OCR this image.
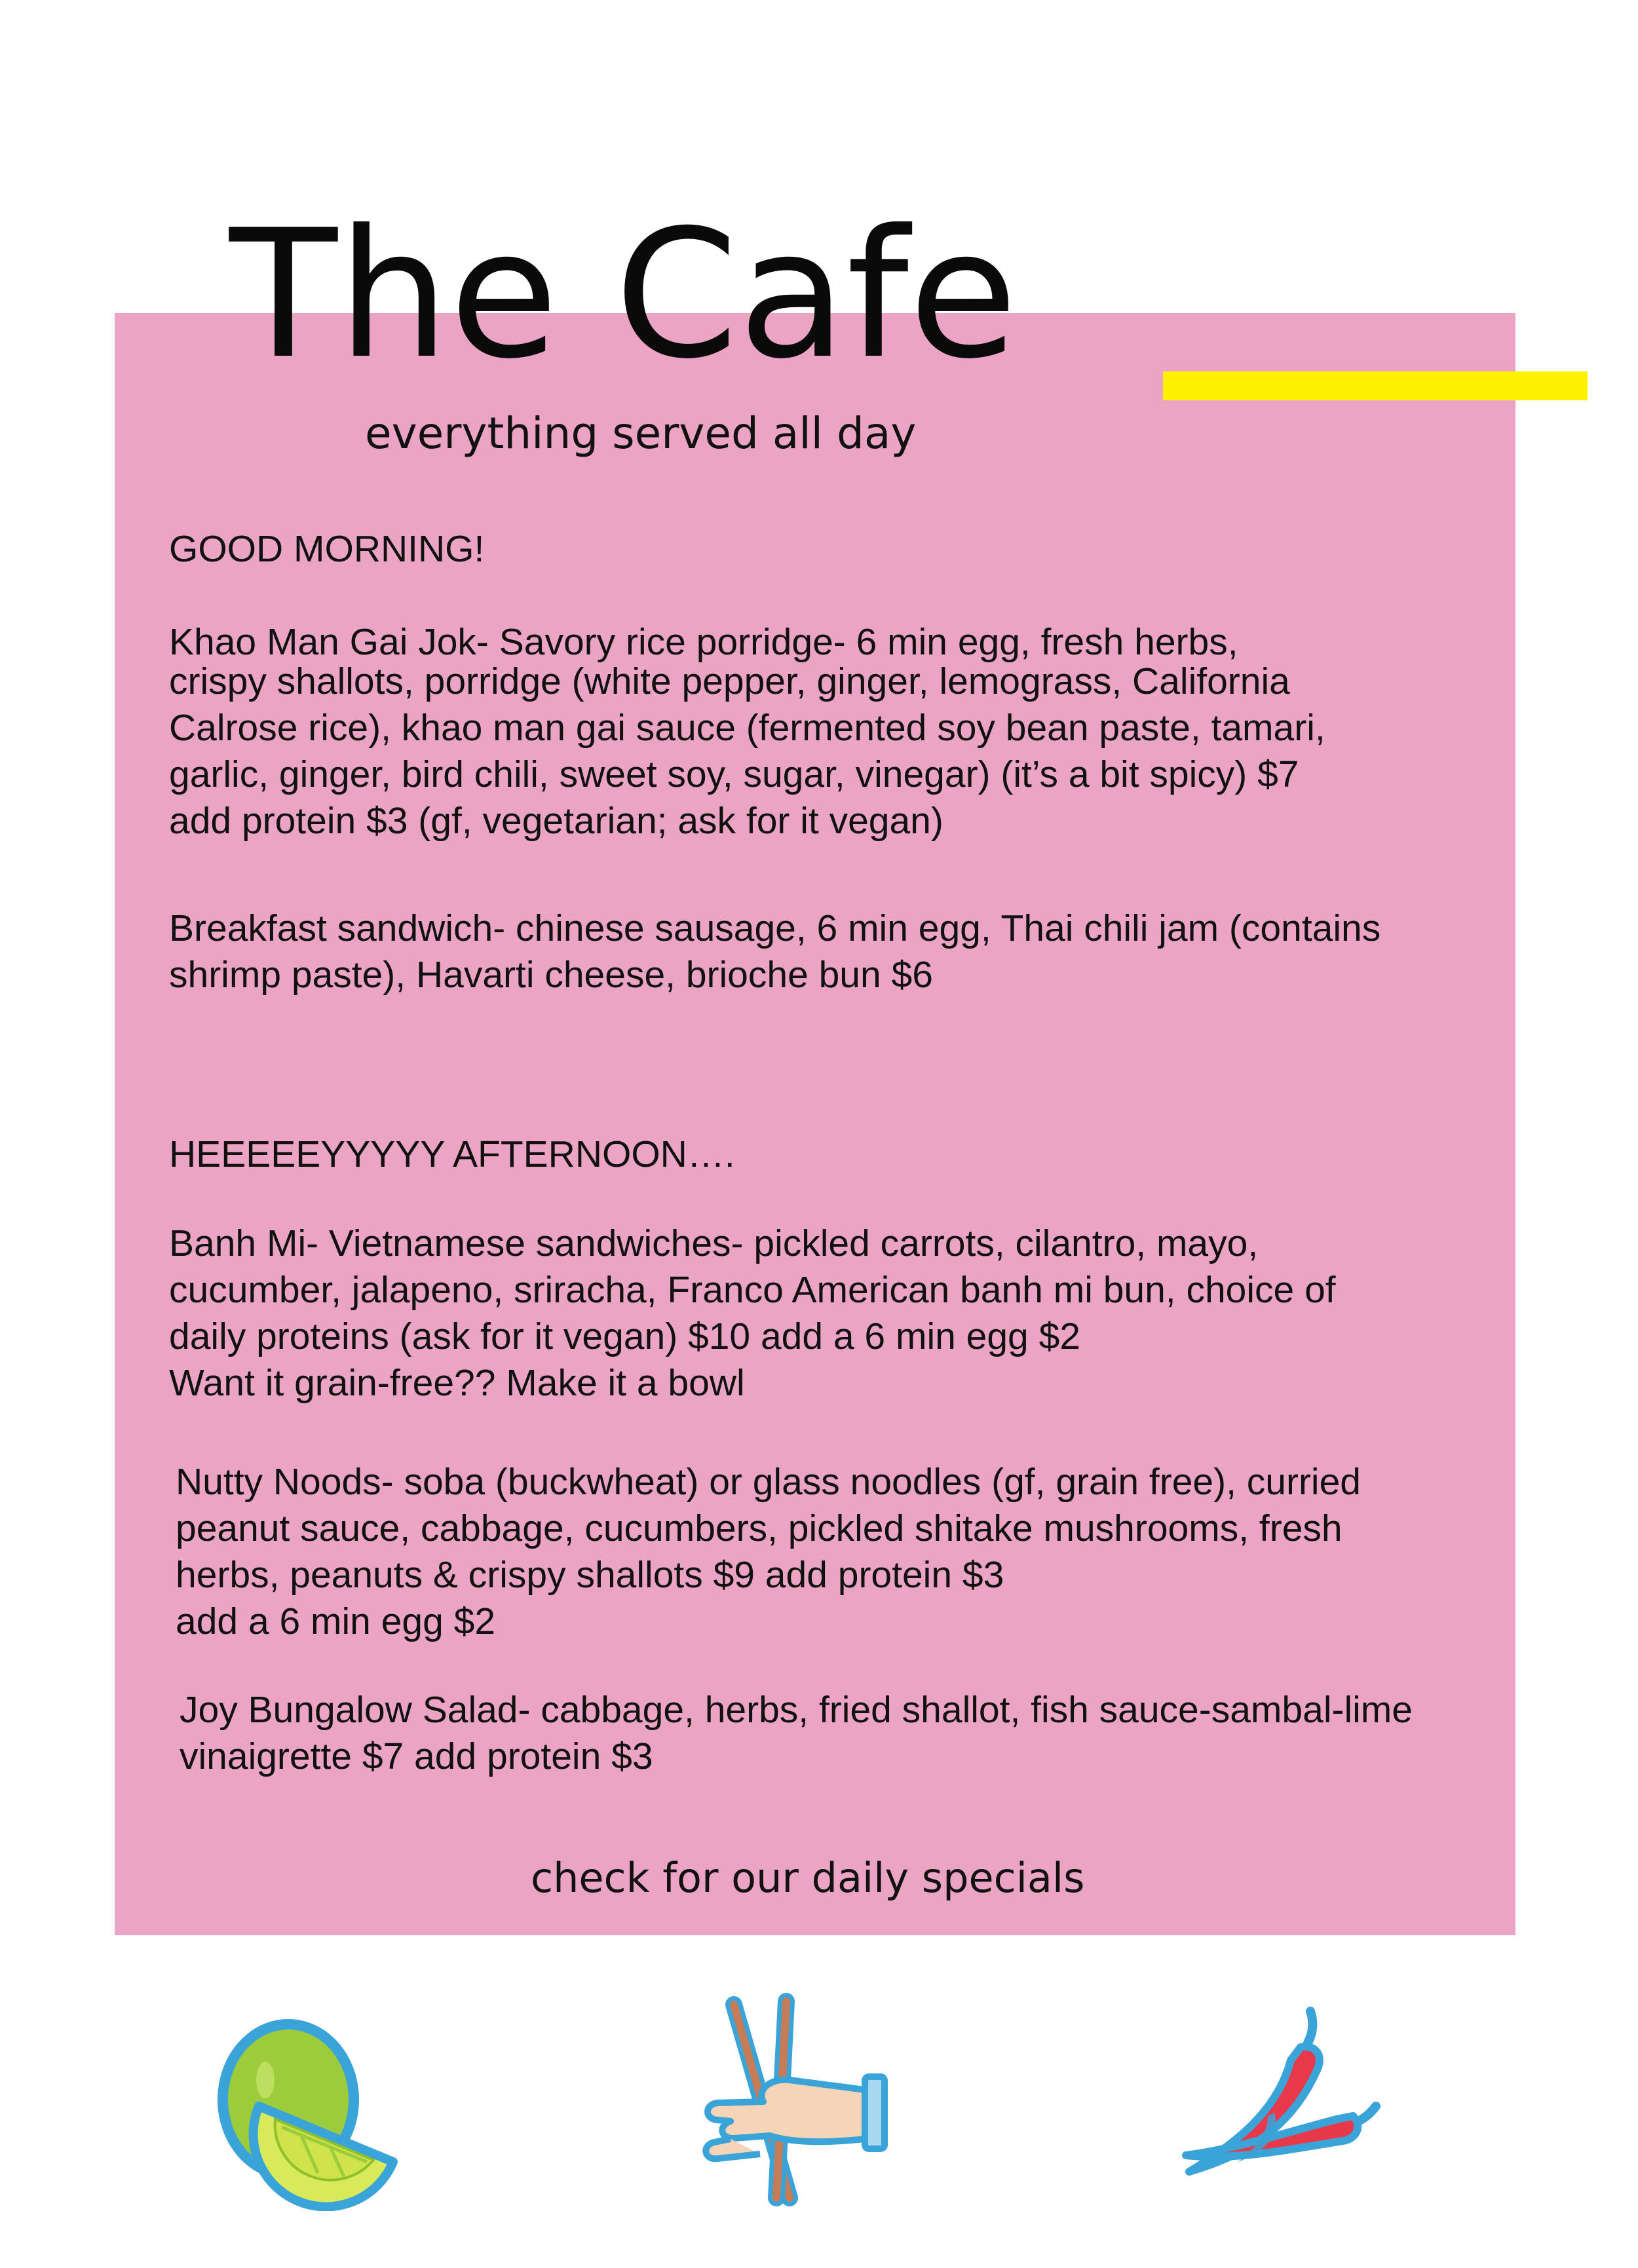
The Cafe
everything served all day
GOOD MORNING!
Khao Man Gai Jok- Savory rice porridge- 6 min egg, fresh herbs,
crispy shallots, porridge (white pepper, ginger, lemograss, California
Calrose rice), khao man gai sauce (fermented soy bean paste, tamari,
garlic, ginger, bird chili, sweet soy, sugar, vinegar) (it’s a bit spicy) $7
add protein $3 (gf, vegetarian; ask for it vegan)
Breakfast sandwich- chinese sausage, 6 min egg, Thai chili jam (contains
shrimp paste), Havarti cheese, brioche bun $6
HEEEEEYYYYY AFTERNOON….
Banh Mi- Vietnamese sandwiches- pickled carrots, cilantro, mayo,
cucumber, jalapeno, sriracha, Franco American banh mi bun, choice of
daily proteins (ask for it vegan) $10 add a 6 min egg $2
Want it grain-free?? Make it a bowl
Nutty Noods- soba (buckwheat) or glass noodles (gf, grain free), curried
peanut sauce, cabbage, cucumbers, pickled shitake mushrooms, fresh
herbs, peanuts & crispy shallots $9 add protein $3
add a 6 min egg $2
Joy Bungalow Salad- cabbage, herbs, fried shallot, fish sauce-sambal-lime
vinaigrette $7 add protein $3
check for our daily specials
